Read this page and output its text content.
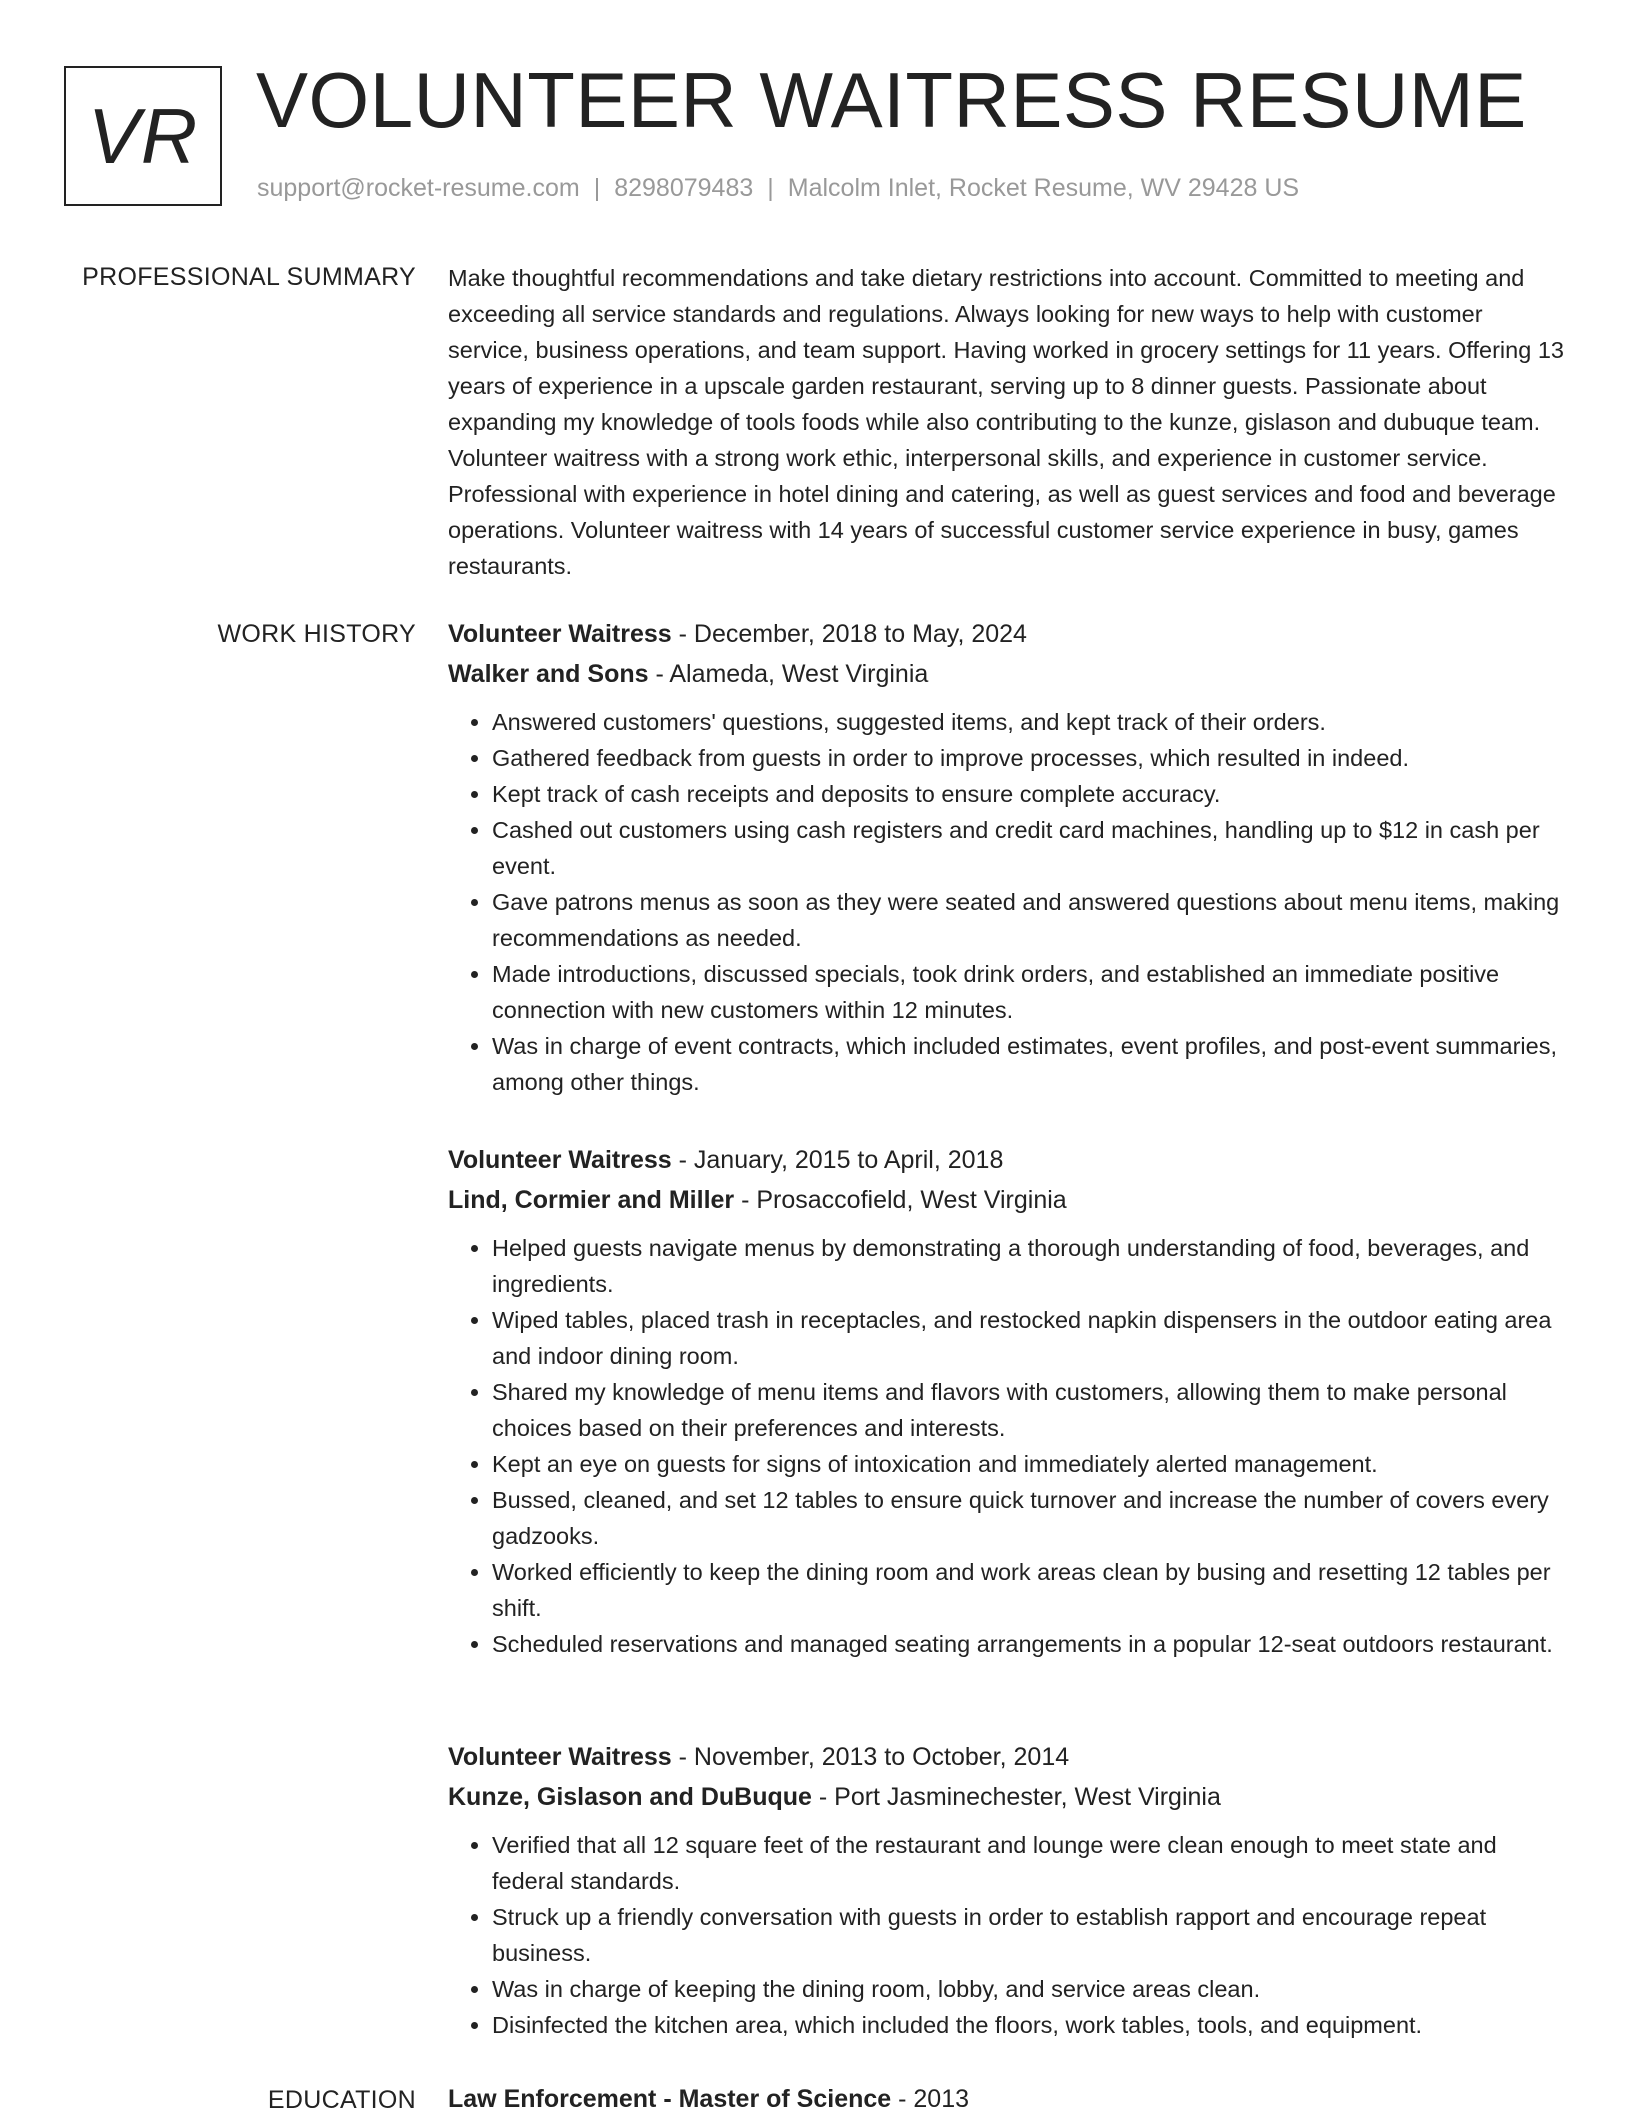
VR VOLUNTEER WAITRESS RESUME
support@rocket-resume.com | 8298079483 | Malcolm Inlet, Rocket Resume, WV 29428 US
PROFESSIONAL SUMMARY Make thoughtful recommendations and take dietary restrictions into account. Committed to meeting and exceeding all service standards and regulations. Always looking for new ways to help with customer service, business operations, and team support. Having worked in grocery settings for 11 years. Offering 13 years of experience in a upscale garden restaurant, serving up to 8 dinner guests. Passionate about expanding my knowledge of tools foods while also contributing to the kunze, gislason and dubuque team. Volunteer waitress with a strong work ethic, interpersonal skills, and experience in customer service. Professional with experience in hotel dining and catering, as well as guest services and food and beverage operations. Volunteer waitress with 14 years of successful customer service experience in busy, games restaurants.

WORK HISTORY Volunteer Waitress - December, 2018 to May, 2024
Walker and Sons - Alameda, West Virginia
• Answered customers' questions, suggested items, and kept track of their orders.
• Gathered feedback from guests in order to improve processes, which resulted in indeed.
• Kept track of cash receipts and deposits to ensure complete accuracy.
• Cashed out customers using cash registers and credit card machines, handling up to $12 in cash per event.
• Gave patrons menus as soon as they were seated and answered questions about menu items, making recommendations as needed.
• Made introductions, discussed specials, took drink orders, and established an immediate positive connection with new customers within 12 minutes.
• Was in charge of event contracts, which included estimates, event profiles, and post-event summaries, among other things.
Volunteer Waitress - January, 2015 to April, 2018
Lind, Cormier and Miller - Prosaccofield, West Virginia
• Helped guests navigate menus by demonstrating a thorough understanding of food, beverages, and ingredients.
• Wiped tables, placed trash in receptacles, and restocked napkin dispensers in the outdoor eating area and indoor dining room.
• Shared my knowledge of menu items and flavors with customers, allowing them to make personal choices based on their preferences and interests.
• Kept an eye on guests for signs of intoxication and immediately alerted management.
• Bussed, cleaned, and set 12 tables to ensure quick turnover and increase the number of covers every gadzooks.
• Worked efficiently to keep the dining room and work areas clean by busing and resetting 12 tables per shift.
• Scheduled reservations and managed seating arrangements in a popular 12-seat outdoors restaurant.
Volunteer Waitress - November, 2013 to October, 2014
Kunze, Gislason and DuBuque - Port Jasminechester, West Virginia
• Verified that all 12 square feet of the restaurant and lounge were clean enough to meet state and federal standards.
• Struck up a friendly conversation with guests in order to establish rapport and encourage repeat business.
• Was in charge of keeping the dining room, lobby, and service areas clean.
• Disinfected the kitchen area, which included the floors, work tables, tools, and equipment.
EDUCATION Law Enforcement - Master of Science - 2013
